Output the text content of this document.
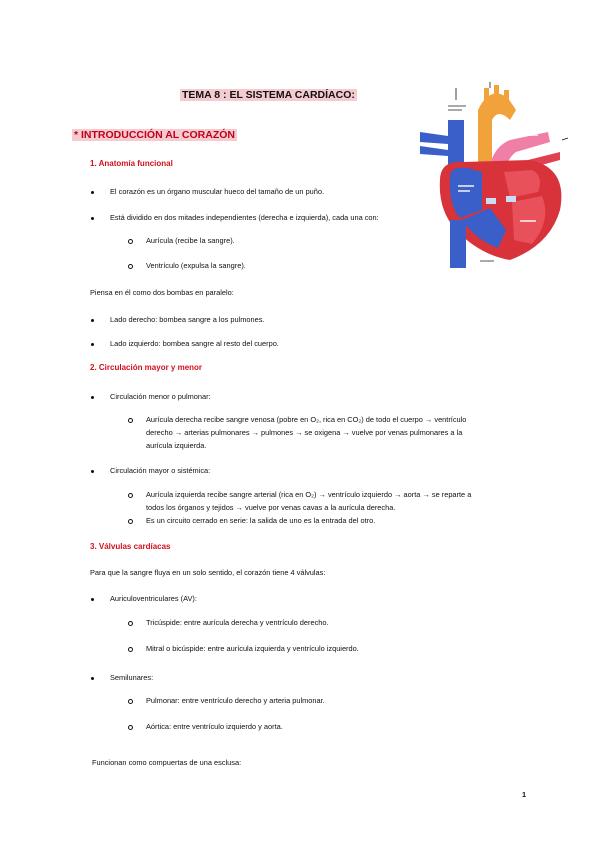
TEMA 8 : EL SISTEMA CARDÍACO:
* INTRODUCCIÓN AL CORAZÓN
1. Anatomía funcional
El corazón es un órgano muscular hueco del tamaño de un puño.
Está dividido en dos mitades independientes (derecha e izquierda), cada una con:
Aurícula (recibe la sangre).
Ventrículo (expulsa la sangre).
Piensa en él como dos bombas en paralelo:
Lado derecho: bombea sangre a los pulmones.
Lado izquierdo: bombea sangre al resto del cuerpo.
2. Circulación mayor y menor
Circulación menor o pulmonar:
Aurícula derecha recibe sangre venosa (pobre en O₂, rica en CO₂) de todo el cuerpo → ventrículo
derecho → arterias pulmonares → pulmones → se oxigena → vuelve por venas pulmonares a la
aurícula izquierda.
Circulación mayor o sistémica:
Aurícula izquierda recibe sangre arterial (rica en O₂) → ventrículo izquierdo → aorta → se reparte a
todos los órganos y tejidos → vuelve por venas cavas a la aurícula derecha.
Es un circuito cerrado en serie: la salida de uno es la entrada del otro.
3. Válvulas cardíacas
Para que la sangre fluya en un solo sentido, el corazón tiene 4 válvulas:
Auriculoventriculares (AV):
Tricúspide: entre aurícula derecha y ventrículo derecho.
Mitral o bicúspide: entre aurícula izquierda y ventrículo izquierdo.
Semilunares:
Pulmonar: entre ventrículo derecho y arteria pulmonar.
Aórtica: entre ventrículo izquierdo y aorta.
Funcionan como compuertas de una esclusa:
1
